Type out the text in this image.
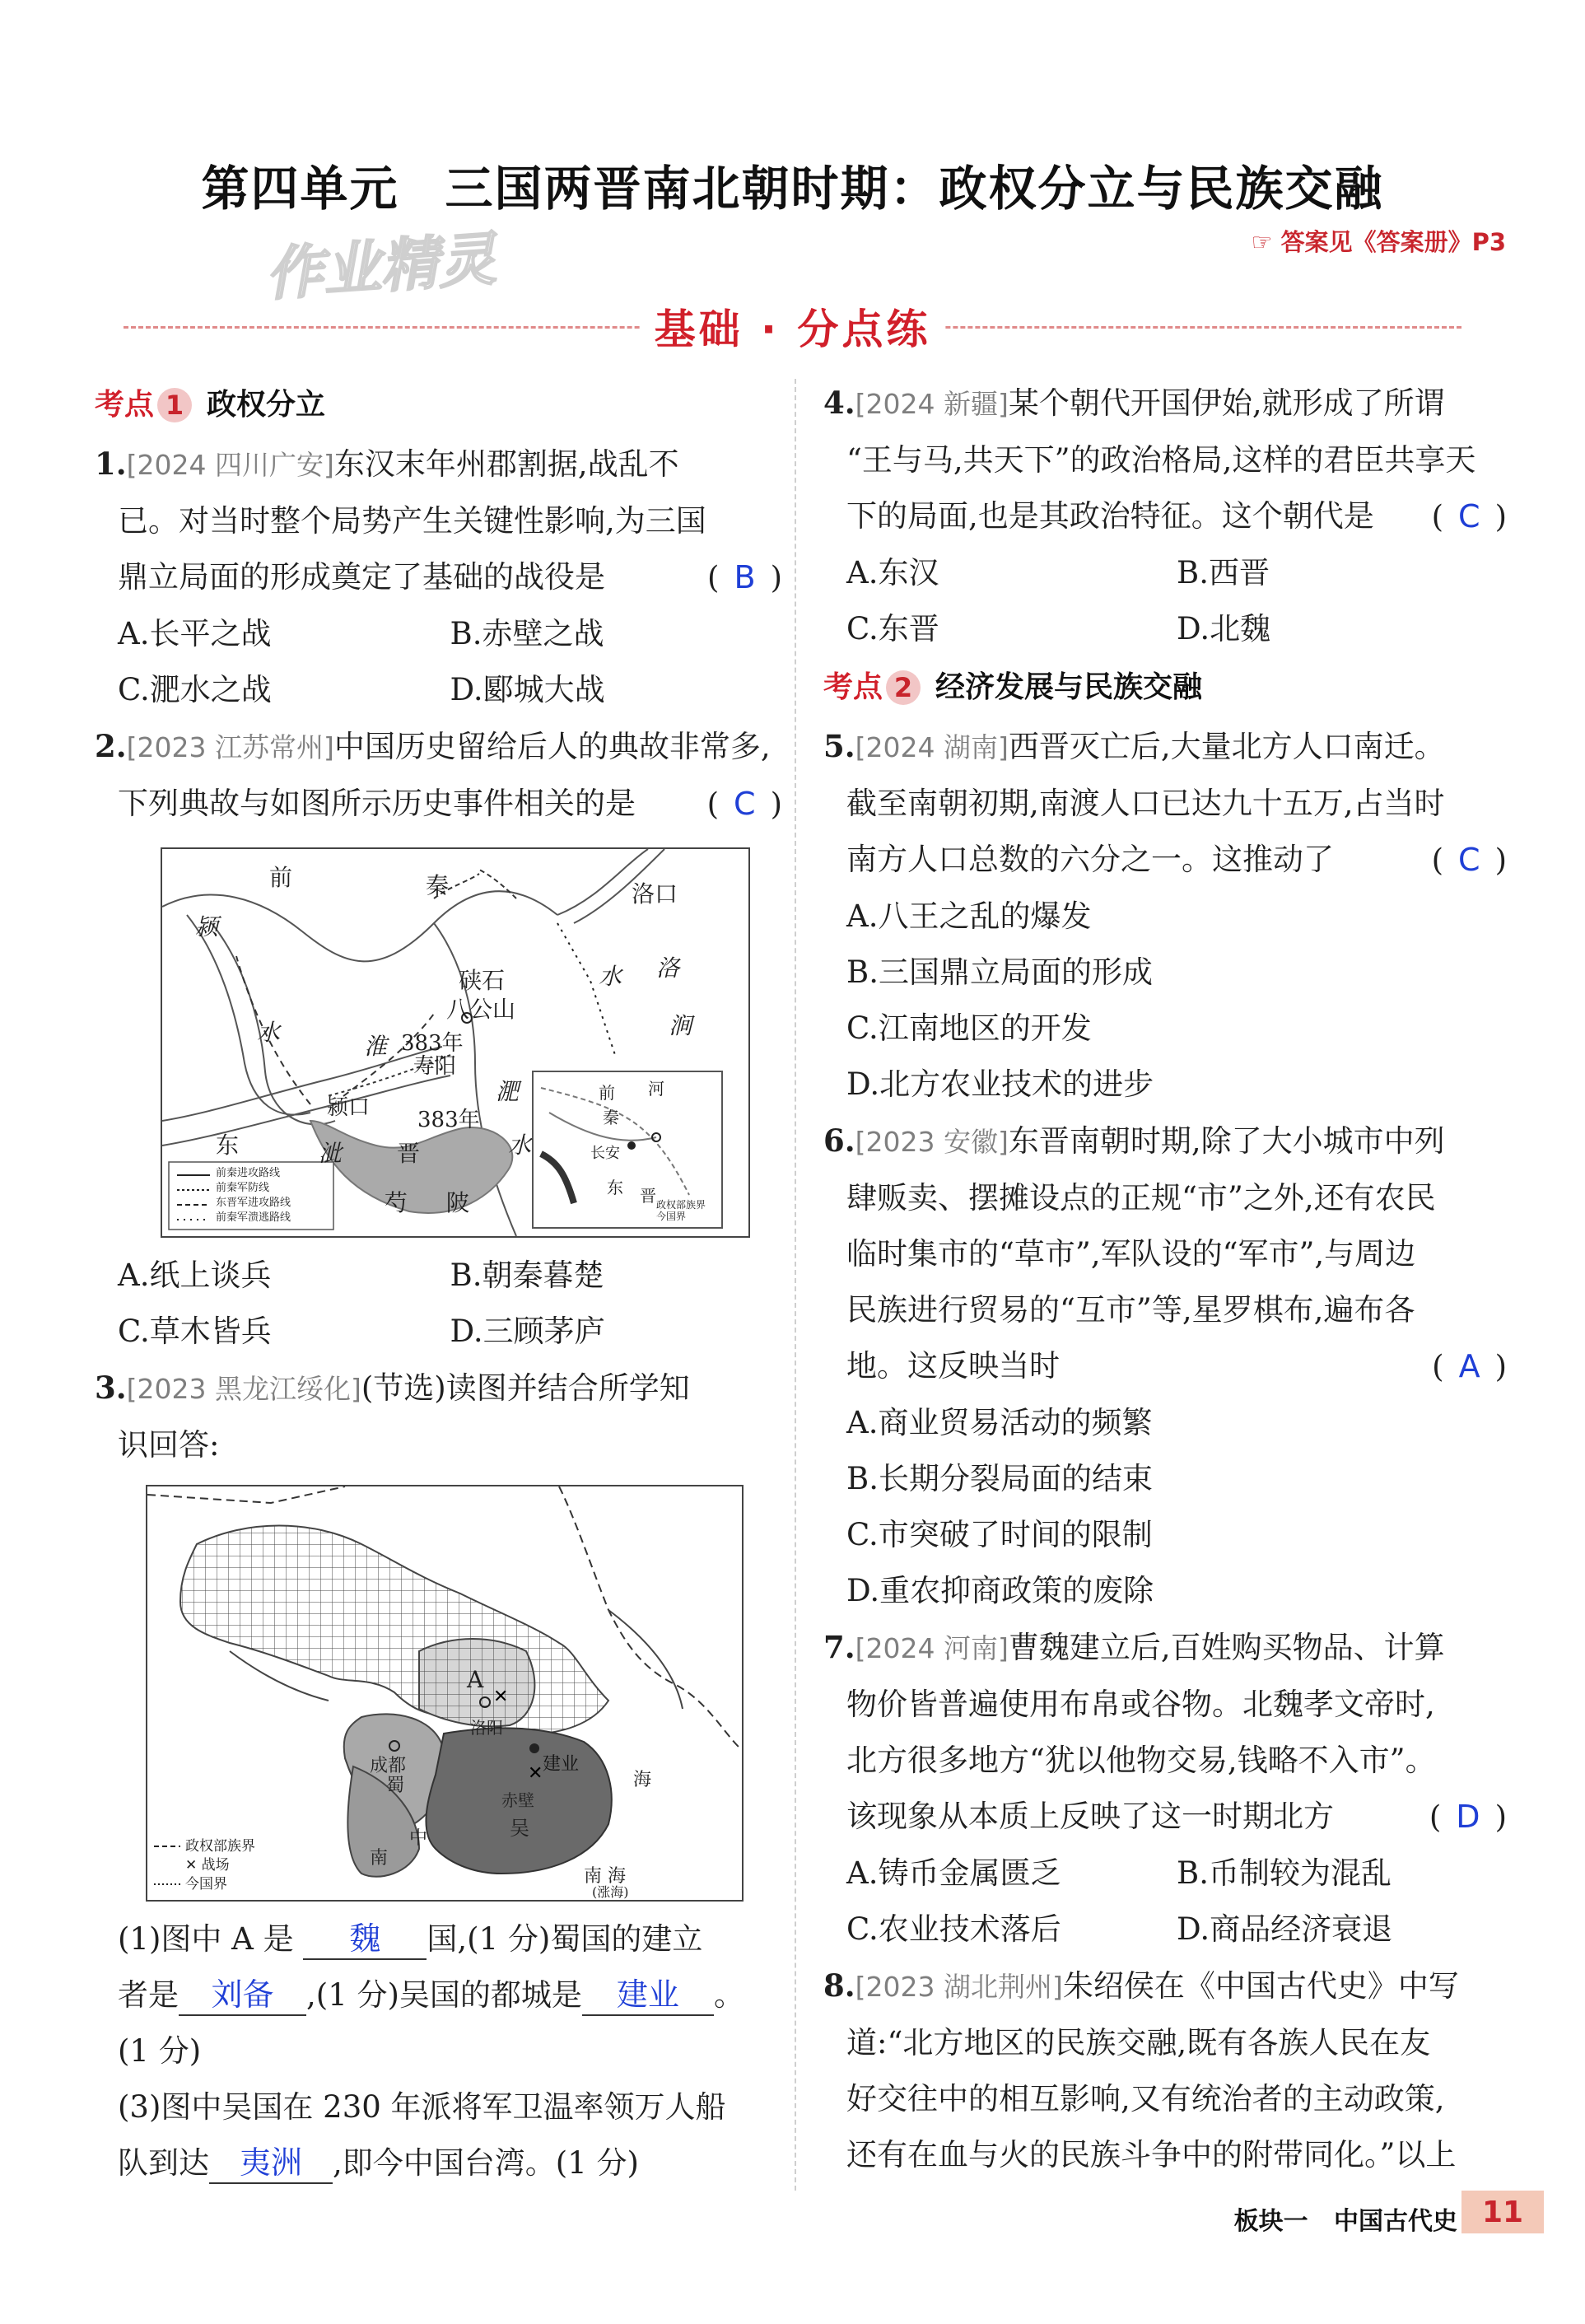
第四单元 三国两晋南北朝时期：政权分立与民族交融
作业精灵	☞ 答案见《答案册》P3
基础 · 分点练
考点 1 政权分立
1.[2024 四川广安]东汉末年州郡割据,战乱不
已。对当时整个局势产生关键性影响,为三国
鼎立局面的形成奠定了基础的战役是	( B )
A.长平之战	B.赤壁之战
C.淝水之战	D.郾城大战
2.[2023 江苏常州]中国历史留给后人的典故非常多,
下列典故与如图所示历史事件相关的是 ( C )
前	秦
颍
水
洛口
洛
水
硖石
八公山
淮 383年
寿阳
涧
颍口 383年
淝
水
东	泚 晋
芍 陂
前秦进攻路线
前秦军防线
东晋军进攻路线
前秦军溃逃路线
前
秦
河
长安
东 晋 政权部族界
今国界
A.纸上谈兵	B.朝秦暮楚
C.草木皆兵	D.三顾茅庐
3.[2023 黑龙江绥化](节选)读图并结合所学知
识回答:
✕
✕
A
洛阳
成都
蜀
建业
赤壁
吴
海
南
中
南 海
(涨海)
政权部族界
✕ 战场
今国界
(1)图中 A 是 魏 国,(1 分)蜀国的建立
者是 刘备 ,(1 分)吴国的都城是 建业 。
(1 分)
(3)图中吴国在 230 年派将军卫温率领万人船
队到达 夷洲 ,即今中国台湾。(1 分)
4.[2024 新疆]某个朝代开国伊始,就形成了所谓
“王与马,共天下”的政治格局,这样的君臣共享天
下的局面,也是其政治特征。这个朝代是 ( C )
A.东汉	B.西晋
C.东晋	D.北魏
考点 2 经济发展与民族交融
5.[2024 湖南]西晋灭亡后,大量北方人口南迁。
截至南朝初期,南渡人口已达九十五万,占当时
南方人口总数的六分之一。这推动了	( C )
A.八王之乱的爆发
B.三国鼎立局面的形成
C.江南地区的开发
D.北方农业技术的进步
6.[2023 安徽]东晋南朝时期,除了大小城市中列
肆贩卖、摆摊设点的正规“市”之外,还有农民
临时集市的“草市”,军队设的“军市”,与周边
民族进行贸易的“互市”等,星罗棋布,遍布各
地。这反映当时	( A )
A.商业贸易活动的频繁
B.长期分裂局面的结束
C.市突破了时间的限制
D.重农抑商政策的废除
7.[2024 河南]曹魏建立后,百姓购买物品、计算
物价皆普遍使用布帛或谷物。北魏孝文帝时,
北方很多地方“犹以他物交易,钱略不入市”。
该现象从本质上反映了这一时期北方	( D )
A.铸币金属匮乏	B.币制较为混乱
C.农业技术落后	D.商品经济衰退
8.[2023 湖北荆州]朱绍侯在《中国古代史》中写
道:“北方地区的民族交融,既有各族人民在友
好交往中的相互影响,又有统治者的主动政策,
还有在血与火的民族斗争中的附带同化。”以上
板块一 中国古代史 11
